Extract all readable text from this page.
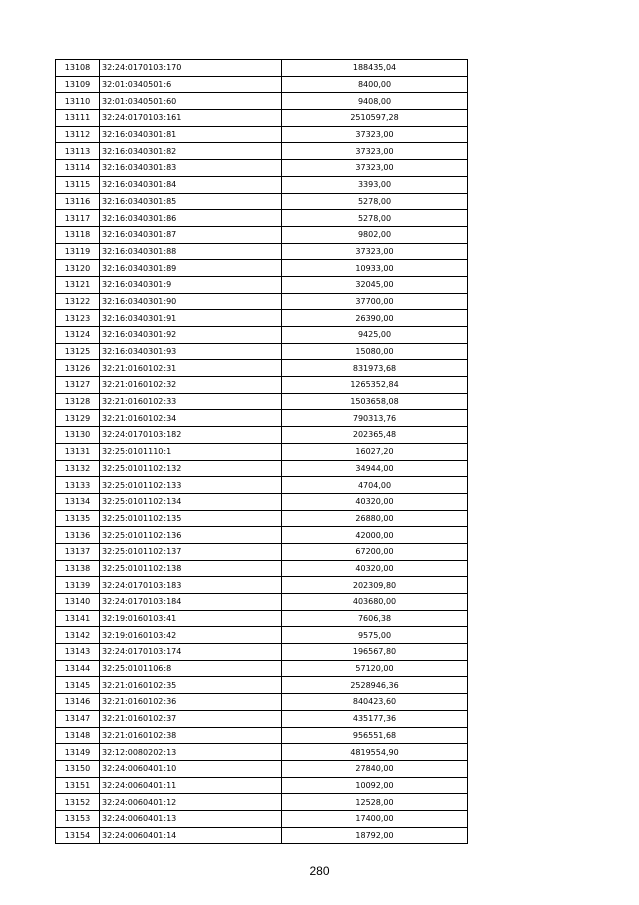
13108	32:24:0170103:170	188435,04
13109	32:01:0340501:6	8400,00
13110	32:01:0340501:60	9408,00
13111	32:24:0170103:161	2510597,28
13112	32:16:0340301:81	37323,00
13113	32:16:0340301:82	37323,00
13114	32:16:0340301:83	37323,00
13115	32:16:0340301:84	3393,00
13116	32:16:0340301:85	5278,00
13117	32:16:0340301:86	5278,00
13118	32:16:0340301:87	9802,00
13119	32:16:0340301:88	37323,00
13120	32:16:0340301:89	10933,00
13121	32:16:0340301:9	32045,00
13122	32:16:0340301:90	37700,00
13123	32:16:0340301:91	26390,00
13124	32:16:0340301:92	9425,00
13125	32:16:0340301:93	15080,00
13126	32:21:0160102:31	831973,68
13127	32:21:0160102:32	1265352,84
13128	32:21:0160102:33	1503658,08
13129	32:21:0160102:34	790313,76
13130	32:24:0170103:182	202365,48
13131	32:25:0101110:1	16027,20
13132	32:25:0101102:132	34944,00
13133	32:25:0101102:133	4704,00
13134	32:25:0101102:134	40320,00
13135	32:25:0101102:135	26880,00
13136	32:25:0101102:136	42000,00
13137	32:25:0101102:137	67200,00
13138	32:25:0101102:138	40320,00
13139	32:24:0170103:183	202309,80
13140	32:24:0170103:184	403680,00
13141	32:19:0160103:41	7606,38
13142	32:19:0160103:42	9575,00
13143	32:24:0170103:174	196567,80
13144	32:25:0101106:8	57120,00
13145	32:21:0160102:35	2528946,36
13146	32:21:0160102:36	840423,60
13147	32:21:0160102:37	435177,36
13148	32:21:0160102:38	956551,68
13149	32:12:0080202:13	4819554,90
13150	32:24:0060401:10	27840,00
13151	32:24:0060401:11	10092,00
13152	32:24:0060401:12	12528,00
13153	32:24:0060401:13	17400,00
13154	32:24:0060401:14	18792,00
280
